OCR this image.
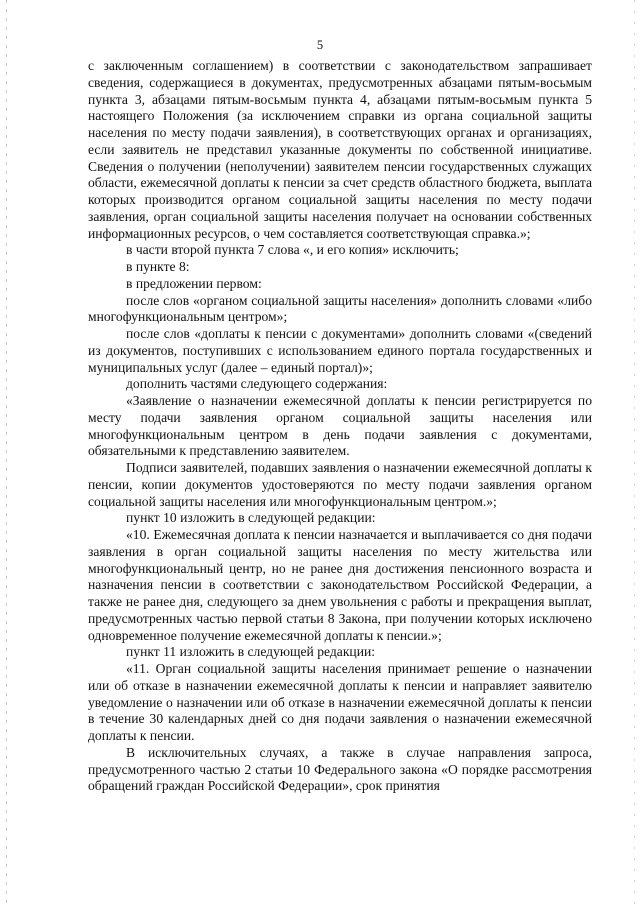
5

с заключенным соглашением) в соответствии с законодательством запрашивает сведения, содержащиеся в документах, предусмотренных абзацами пятым-восьмым пункта 3, абзацами пятым-восьмым пункта 4, абзацами пятым-восьмым пункта 5 настоящего Положения (за исключением справки из органа социальной защиты населения по месту подачи заявления), в соответствующих органах и организациях, если заявитель не представил указанные документы по собственной инициативе. Сведения о получении (неполучении) заявителем пенсии государственных служащих области, ежемесячной доплаты к пенсии за счет средств областного бюджета, выплата которых производится органом социальной защиты населения по месту подачи заявления, орган социальной защиты населения получает на основании собственных информационных ресурсов, о чем составляется соответствующая справка.»;

в части второй пункта 7 слова «, и его копия» исключить;

в пункте 8:

в предложении первом:

после слов «органом социальной защиты населения» дополнить словами «либо многофункциональным центром»;

после слов «доплаты к пенсии с документами» дополнить словами «(сведений из документов, поступивших с использованием единого портала государственных и муниципальных услуг (далее – единый портал)»;

дополнить частями следующего содержания:

«Заявление о назначении ежемесячной доплаты к пенсии регистрируется по месту подачи заявления органом социальной защиты населения или многофункциональным центром в день подачи заявления с документами, обязательными к представлению заявителем.

Подписи заявителей, подавших заявления о назначении ежемесячной доплаты к пенсии, копии документов удостоверяются по месту подачи заявления органом социальной защиты населения или многофункциональным центром.»;

пункт 10 изложить в следующей редакции:

«10. Ежемесячная доплата к пенсии назначается и выплачивается со дня подачи заявления в орган социальной защиты населения по месту жительства или многофункциональный центр, но не ранее дня достижения пенсионного возраста и назначения пенсии в соответствии с законодательством Российской Федерации, а также не ранее дня, следующего за днем увольнения с работы и прекращения выплат, предусмотренных частью первой статьи 8 Закона, при получении которых исключено одновременное получение ежемесячной доплаты к пенсии.»;

пункт 11 изложить в следующей редакции:

«11. Орган социальной защиты населения принимает решение о назначении или об отказе в назначении ежемесячной доплаты к пенсии и направляет заявителю уведомление о назначении или об отказе в назначении ежемесячной доплаты к пенсии в течение 30 календарных дней со дня подачи заявления о назначении ежемесячной доплаты к пенсии.

В исключительных случаях, а также в случае направления запроса, предусмотренного частью 2 статьи 10 Федерального закона «О порядке рассмотрения обращений граждан Российской Федерации», срок принятия
